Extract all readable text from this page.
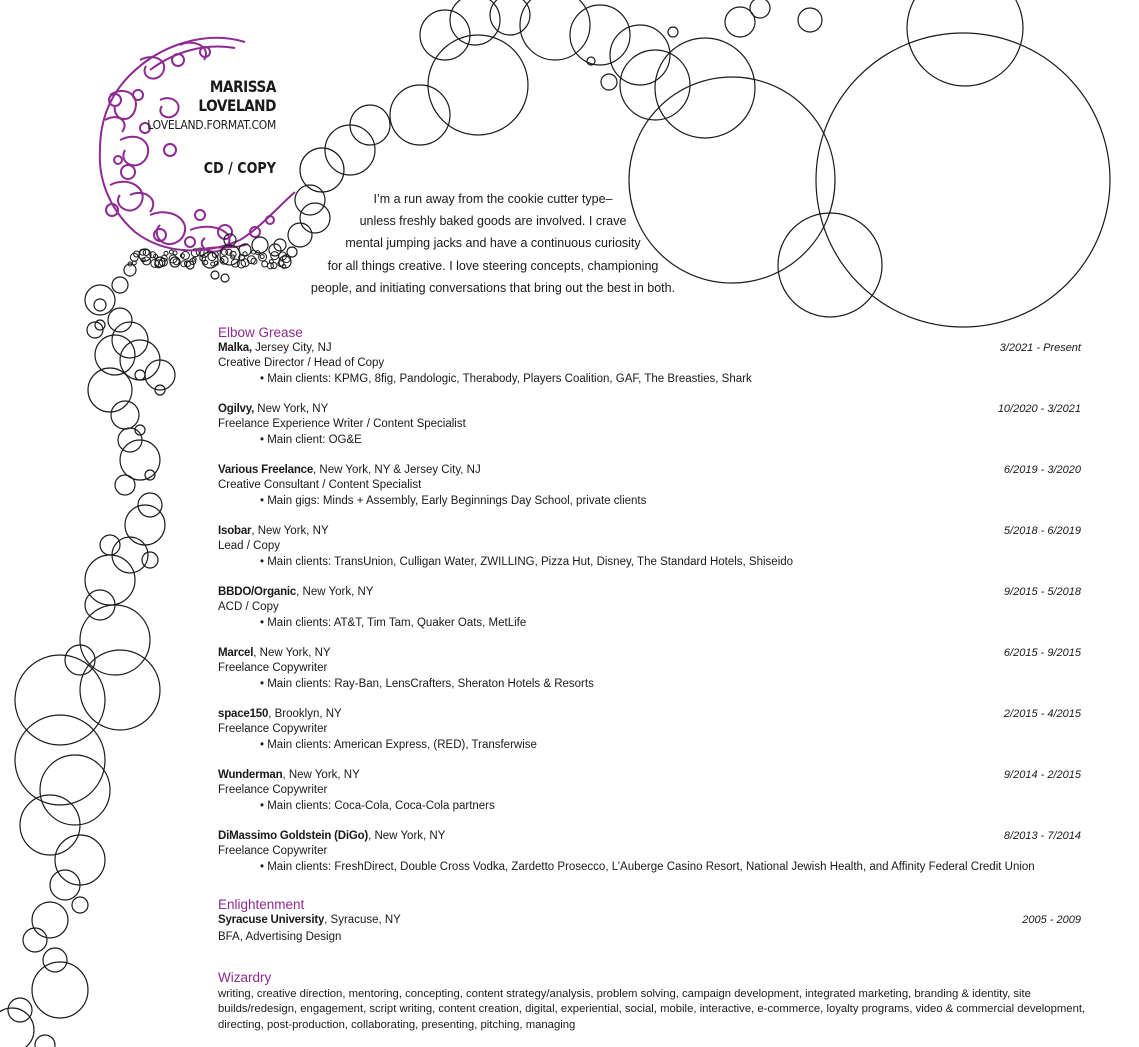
MARISSA LOVELAND
LOVELAND.FORMAT.COM
CD / COPY
I’m a run away from the cookie cutter type–
unless freshly baked goods are involved. I crave
mental jumping jacks and have a continuous curiosity
for all things creative. I love steering concepts, championing
people, and initiating conversations that bring out the best in both.
Elbow Grease
Malka, Jersey City, NJ	3/2021 - Present
Creative Director / Head of Copy
• Main clients: KPMG, 8fig, Pandologic, Therabody, Players Coalition, GAF, The Breasties, Shark
Ogilvy, New York, NY	10/2020 - 3/2021
Freelance Experience Writer / Content Specialist
• Main client: OG&E
Various Freelance, New York, NY & Jersey City, NJ	6/2019 - 3/2020
Creative Consultant / Content Specialist
• Main gigs: Minds + Assembly, Early Beginnings Day School, private clients
Isobar, New York, NY	5/2018 - 6/2019
Lead / Copy
• Main clients: TransUnion, Culligan Water, ZWILLING, Pizza Hut, Disney, The Standard Hotels, Shiseido
BBDO/Organic, New York, NY	9/2015 - 5/2018
ACD / Copy
• Main clients: AT&T, Tim Tam, Quaker Oats, MetLife
Marcel, New York, NY	6/2015 - 9/2015
Freelance Copywriter
• Main clients: Ray-Ban, LensCrafters, Sheraton Hotels & Resorts
space150, Brooklyn, NY	2/2015 - 4/2015
Freelance Copywriter
• Main clients: American Express, (RED), Transferwise
Wunderman, New York, NY	9/2014 - 2/2015
Freelance Copywriter
• Main clients: Coca-Cola, Coca-Cola partners
DiMassimo Goldstein (DiGo), New York, NY	8/2013 - 7/2014
Freelance Copywriter
• Main clients: FreshDirect, Double Cross Vodka, Zardetto Prosecco, L’Auberge Casino Resort, National Jewish Health, and Affinity Federal Credit Union
Enlightenment
Syracuse University, Syracuse, NY	2005 - 2009
BFA, Advertising Design
Wizardry
writing, creative direction, mentoring, concepting, content strategy/analysis, problem solving, campaign development, integrated marketing, branding & identity, site builds/redesign, engagement, script writing, content creation, digital, experiential, social, mobile, interactive, e-commerce, loyalty programs, video & commercial development, directing, post-production, collaborating, presenting, pitching, managing
